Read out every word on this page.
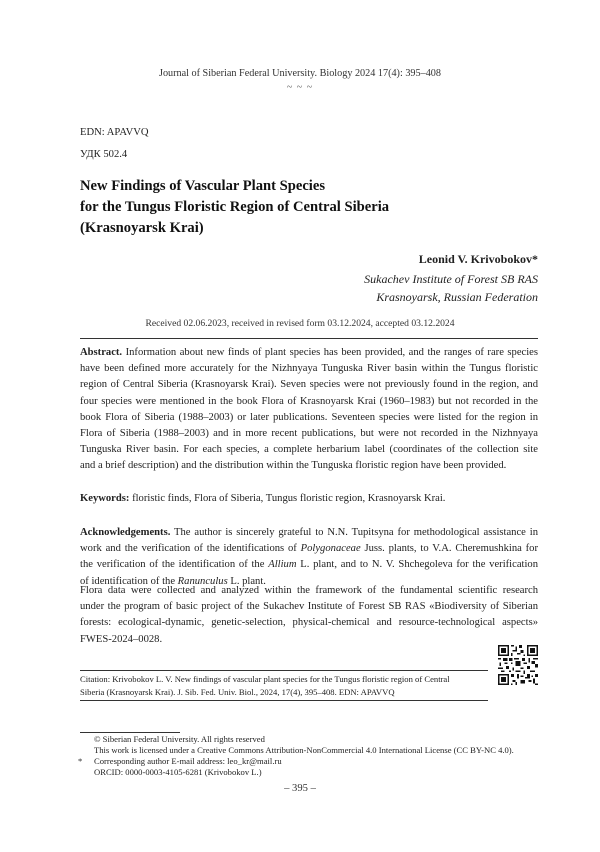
Journal of Siberian Federal University. Biology 2024 17(4): 395–408
~ ~ ~
EDN: APAVVQ
УДК 502.4
New Findings of Vascular Plant Species
for the Tungus Floristic Region of Central Siberia
(Krasnoyarsk Krai)
Leonid V. Krivobokov*
Sukachev Institute of Forest SB RAS
Krasnoyarsk, Russian Federation
Received 02.06.2023, received in revised form 03.12.2024, accepted 03.12.2024
Abstract. Information about new finds of plant species has been provided, and the ranges of rare species
have been defined more accurately for the Nizhnyaya Tunguska River basin within the Tungus floristic
region of Central Siberia (Krasnoyarsk Krai). Seven species were not previously found in the region, and
four species were mentioned in the book Flora of Krasnoyarsk Krai (1960–1983) but not recorded in the
book Flora of Siberia (1988–2003) or later publications. Seventeen species were listed for the region in
Flora of Siberia (1988–2003) and in more recent publications, but were not recorded in the Nizhnyaya
Tunguska River basin. For each species, a complete herbarium label (coordinates of the collection site
and a brief description) and the distribution within the Tunguska floristic region have been provided.
Keywords: floristic finds, Flora of Siberia, Tungus floristic region, Krasnoyarsk Krai.
Acknowledgements. The author is sincerely grateful to N.N. Tupitsyna for methodological assistance in
work and the verification of the identifications of Polygonaceae Juss. plants, to V.A. Cheremushkina for
the verification of the identification of the Allium L. plant, and to N. V. Shchegoleva for the verification
of identification of the Ranunculus L. plant.
Flora data were collected and analyzed within the framework of the fundamental scientific research
under the program of basic project of the Sukachev Institute of Forest SB RAS «Biodiversity of Siberian
forests: ecological-dynamic, genetic-selection, physical-chemical and resource-technological aspects»
FWES-2024–0028.
Citation: Krivobokov L. V. New findings of vascular plant species for the Tungus floristic region of Central
Siberia (Krasnoyarsk Krai). J. Sib. Fed. Univ. Biol., 2024, 17(4), 395–408. EDN: APAVVQ
© Siberian Federal University. All rights reserved
This work is licensed under a Creative Commons Attribution-NonCommercial 4.0 International License (CC BY-NC 4.0).
* Corresponding author E-mail address: leo_kr@mail.ru
ORCID: 0000-0003-4105-6281 (Krivobokov L.)
– 395 –
